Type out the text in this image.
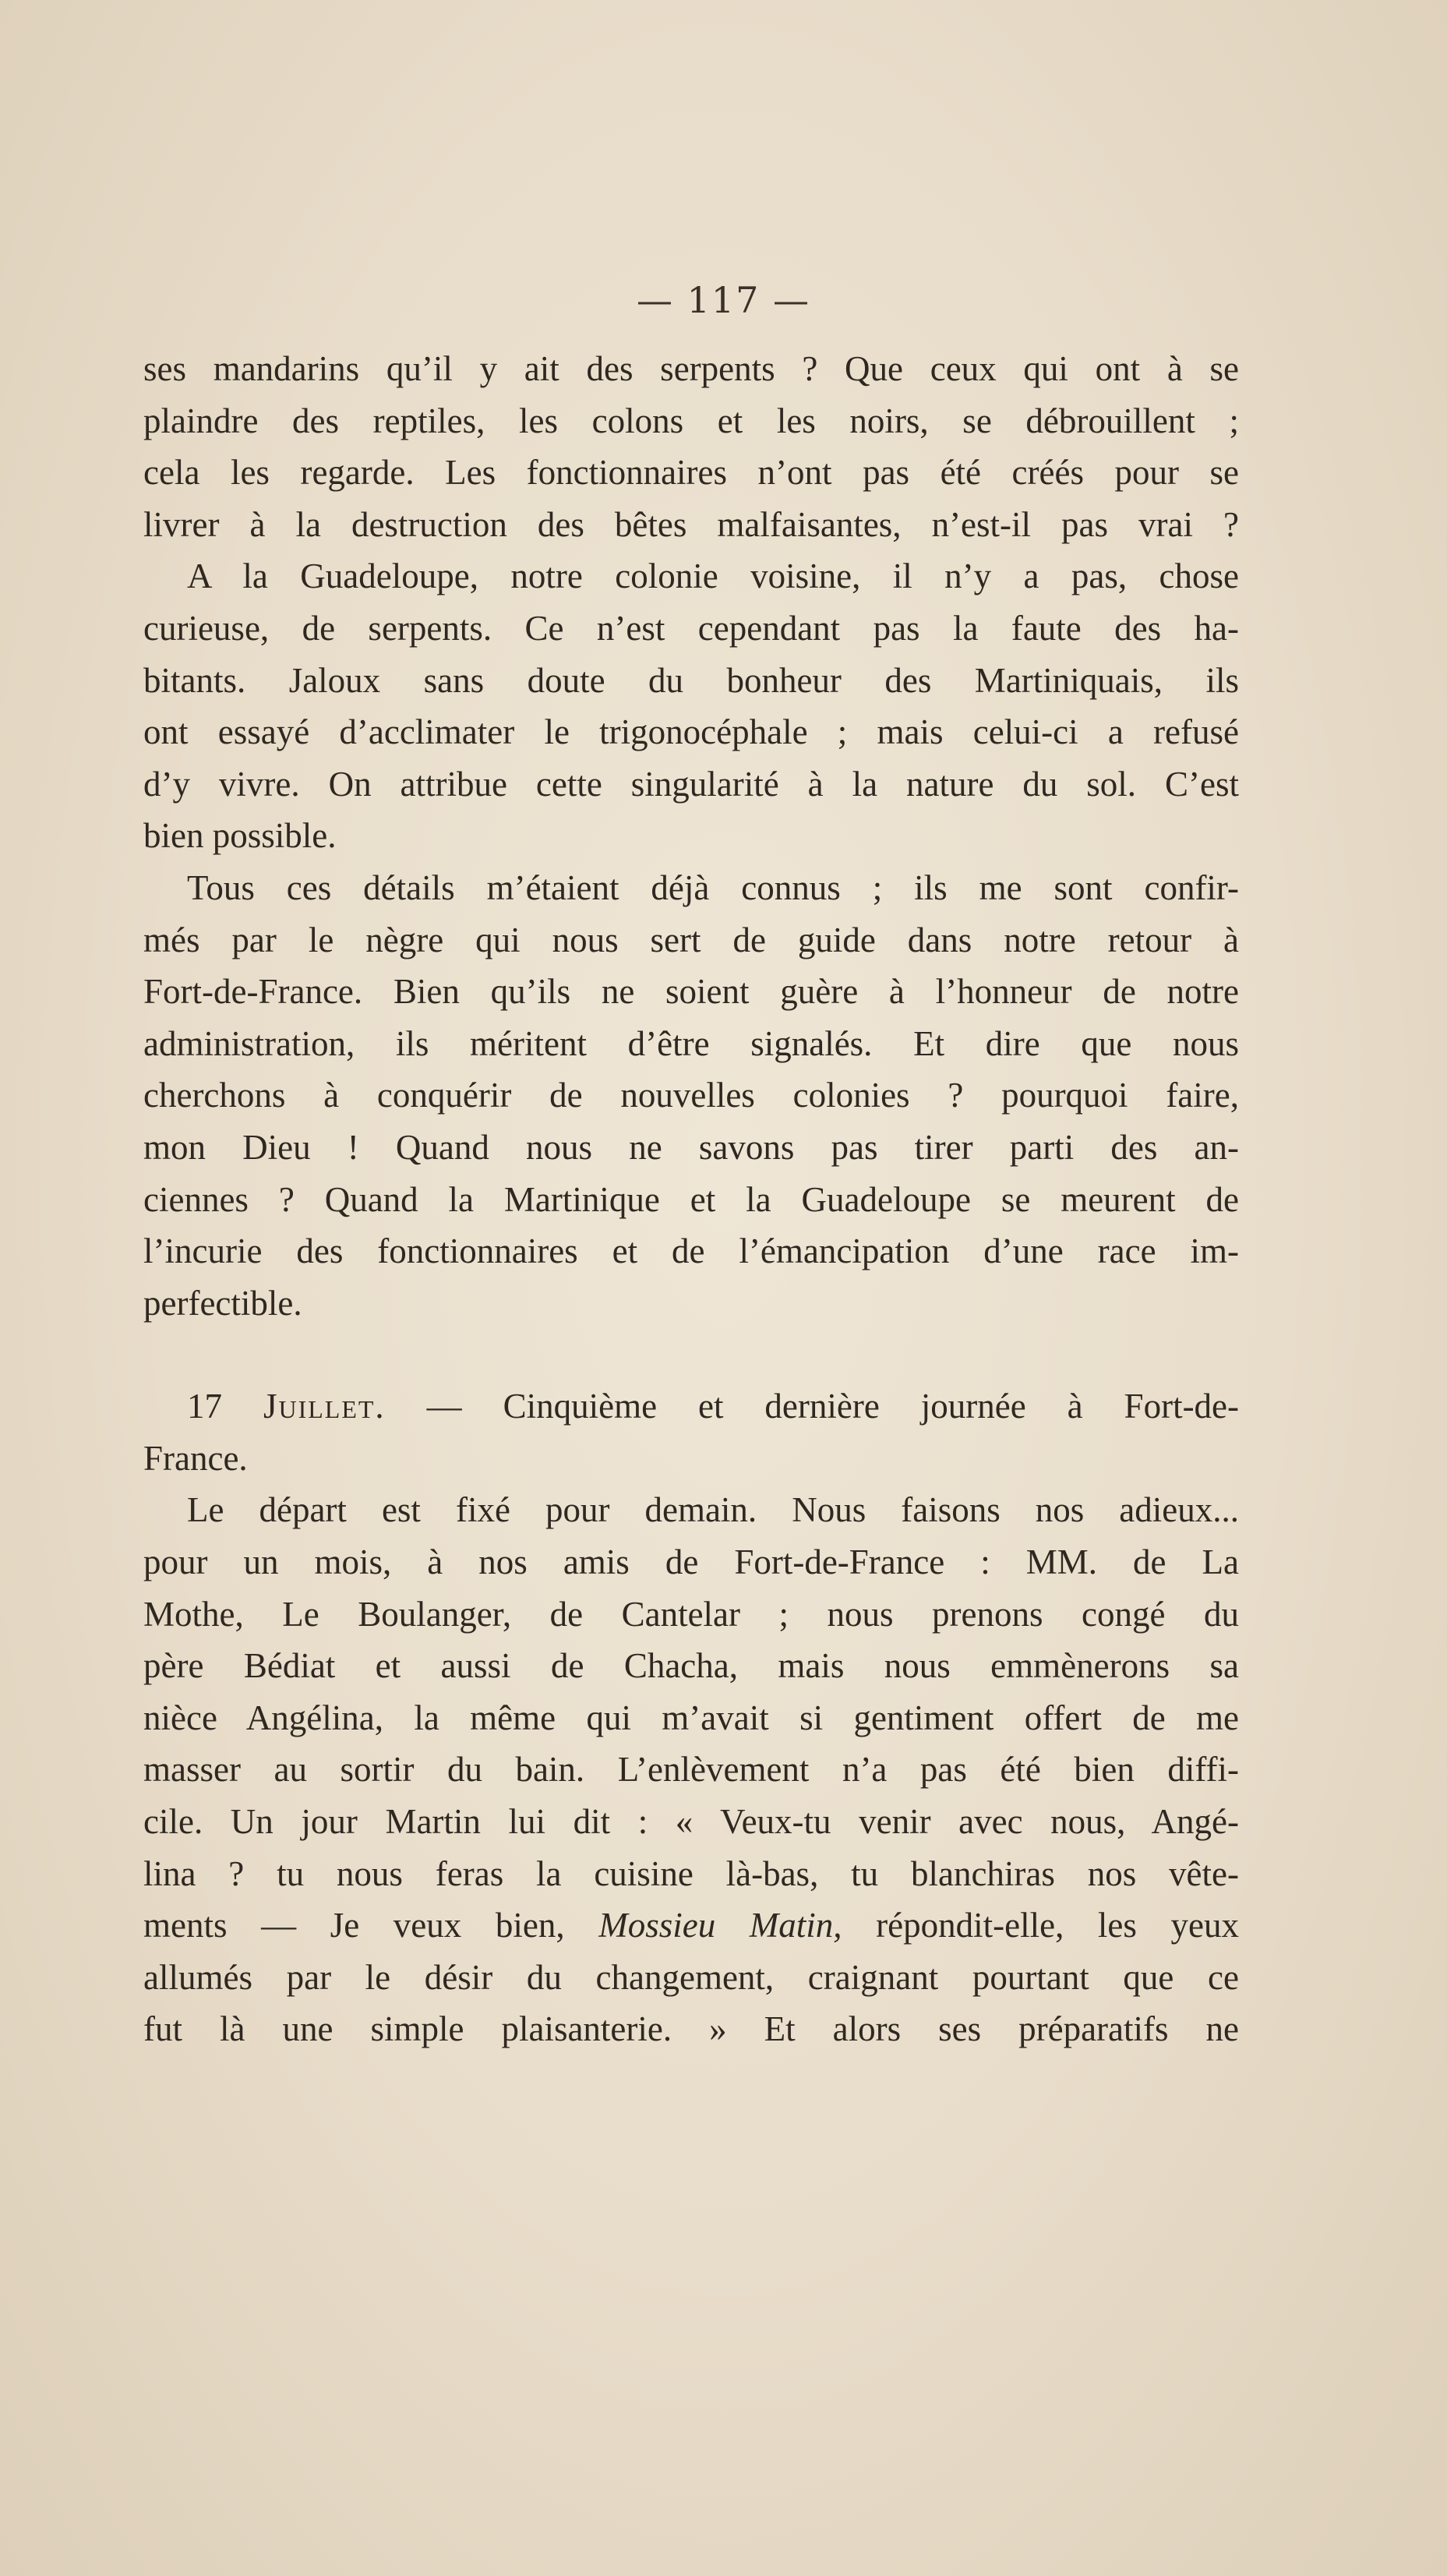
— 117 —
ses mandarins qu’il y ait des serpents ? Que ceux qui ont à se
plaindre des reptiles, les colons et les noirs, se débrouillent ;
cela les regarde. Les fonctionnaires n’ont pas été créés pour se
livrer à la destruction des bêtes malfaisantes, n’est-il pas vrai ?
A la Guadeloupe, notre colonie voisine, il n’y a pas, chose
curieuse, de serpents. Ce n’est cependant pas la faute des ha-
bitants. Jaloux sans doute du bonheur des Martiniquais, ils
ont essayé d’acclimater le trigonocéphale ; mais celui-ci a refusé
d’y vivre. On attribue cette singularité à la nature du sol. C’est
bien possible.
Tous ces détails m’étaient déjà connus ; ils me sont confir-
més par le nègre qui nous sert de guide dans notre retour à
Fort-de-France. Bien qu’ils ne soient guère à l’honneur de notre
administration, ils méritent d’être signalés. Et dire que nous
cherchons à conquérir de nouvelles colonies ? pourquoi faire,
mon Dieu ! Quand nous ne savons pas tirer parti des an-
ciennes ? Quand la Martinique et la Guadeloupe se meurent de
l’incurie des fonctionnaires et de l’émancipation d’une race im-
perfectible.
17 Juillet. — Cinquième et dernière journée à Fort-de-
France.
Le départ est fixé pour demain. Nous faisons nos adieux...
pour un mois, à nos amis de Fort-de-France : MM. de La
Mothe, Le Boulanger, de Cantelar ; nous prenons congé du
père Bédiat et aussi de Chacha, mais nous emmènerons sa
nièce Angélina, la même qui m’avait si gentiment offert de me
masser au sortir du bain. L’enlèvement n’a pas été bien diffi-
cile. Un jour Martin lui dit : « Veux-tu venir avec nous, Angé-
lina ? tu nous feras la cuisine là-bas, tu blanchiras nos vête-
ments — Je veux bien, Mossieu Matin, répondit-elle, les yeux
allumés par le désir du changement, craignant pourtant que ce
fut là une simple plaisanterie. » Et alors ses préparatifs ne
